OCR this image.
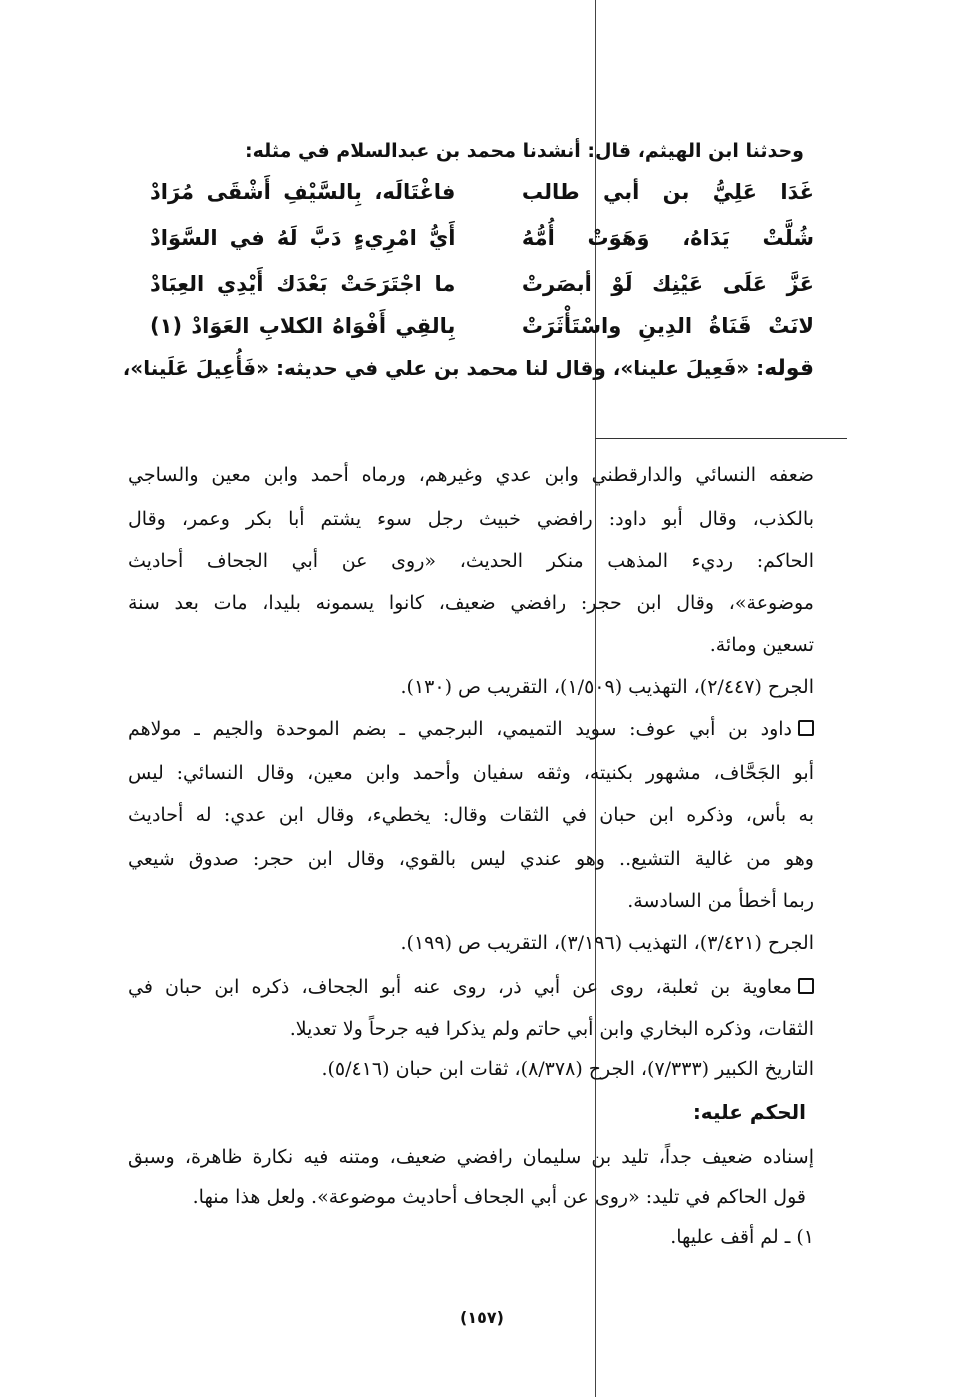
وحدثنا ابن الهيثم، قال: أنشدنا محمد بن عبدالسلام في مثله:
غَدَا
عَلِيُّ
بن
أبي
طالب
فاغْتَالَه،
بِالسَّيْفِ
أَشْقَى
مُرَادْ
شُلَّتْ
يَدَاهُ،
وَهَوَتْ
أُمُّهُ
أَيُّ
امْرِيءٍ
دَبَّ
لَهُ
في
السَّوَادْ
عَزَّ
عَلَى
عَيْنِك
لَوْ
أبصَرتْ
ما
اجْتَرَحَتْ
بَعْدَك
أَيْدِي
العِبَادْ
لانَتْ
قَنَاةُ
الدِينِ
واسْتَأْثَرَتْ
بِالقِي
أَفْوَاهُ
الكلابِ
العَوَادْ
(١)
قوله: «فَعِيلَ علينا»، وقال لنا محمد بن علي في حديثه: «فَأُعِيلَ عَلَينا»،
ضعفه النسائي والدارقطني وابن عدي وغيرهم، ورماه أحمد وابن معين والساجي
بالكذب، وقال أبو داود: رافضي خبيث رجل سوء يشتم أبا بكر وعمر، وقال
الحاكم: رديء المذهب منكر الحديث، «روى عن أبي الجحاف أحاديث
موضوعة»، وقال ابن حجر: رافضي ضعيف، كانوا يسمونه بليدا، مات بعد سنة
تسعين ومائة.
الجرح (٢/٤٤٧)، التهذيب (١/٥٠٩)، التقريب ص (١٣٠).
داود بن أبي عوف: سويد التميمي، البرجمي ـ بضم الموحدة والجيم ـ مولاهم
أبو الجَحَّاف، مشهور بكنيته، وثقه سفيان وأحمد وابن معين، وقال النسائي: ليس
به بأس، وذكره ابن حبان في الثقات وقال: يخطيء، وقال ابن عدي: له أحاديث
وهو من غالية التشيع.. وهو عندي ليس بالقوي، وقال ابن حجر: صدوق شيعي
ربما أخطأ من السادسة.
الجرح (٣/٤٢١)، التهذيب (٣/١٩٦)، التقريب ص (١٩٩).
معاوية بن ثعلبة، روى عن أبي ذر، روى عنه أبو الجحاف، ذكره ابن حبان في
الثقات، وذكره البخاري وابن أبي حاتم ولم يذكرا فيه جرحاً ولا تعديلا.
التاريخ الكبير (٧/٣٣٣)، الجرح (٨/٣٧٨)، ثقات ابن حبان (٥/٤١٦).
الحكم عليه:
إسناده ضعيف جداً، تليد بن سليمان رافضي ضعيف، ومتنه فيه نكارة ظاهرة، وسبق
قول الحاكم في تليد: «روى عن أبي الجحاف أحاديث موضوعة». ولعل هذا منها.
١) ـ لم أقف عليها.
(١٥٧)
